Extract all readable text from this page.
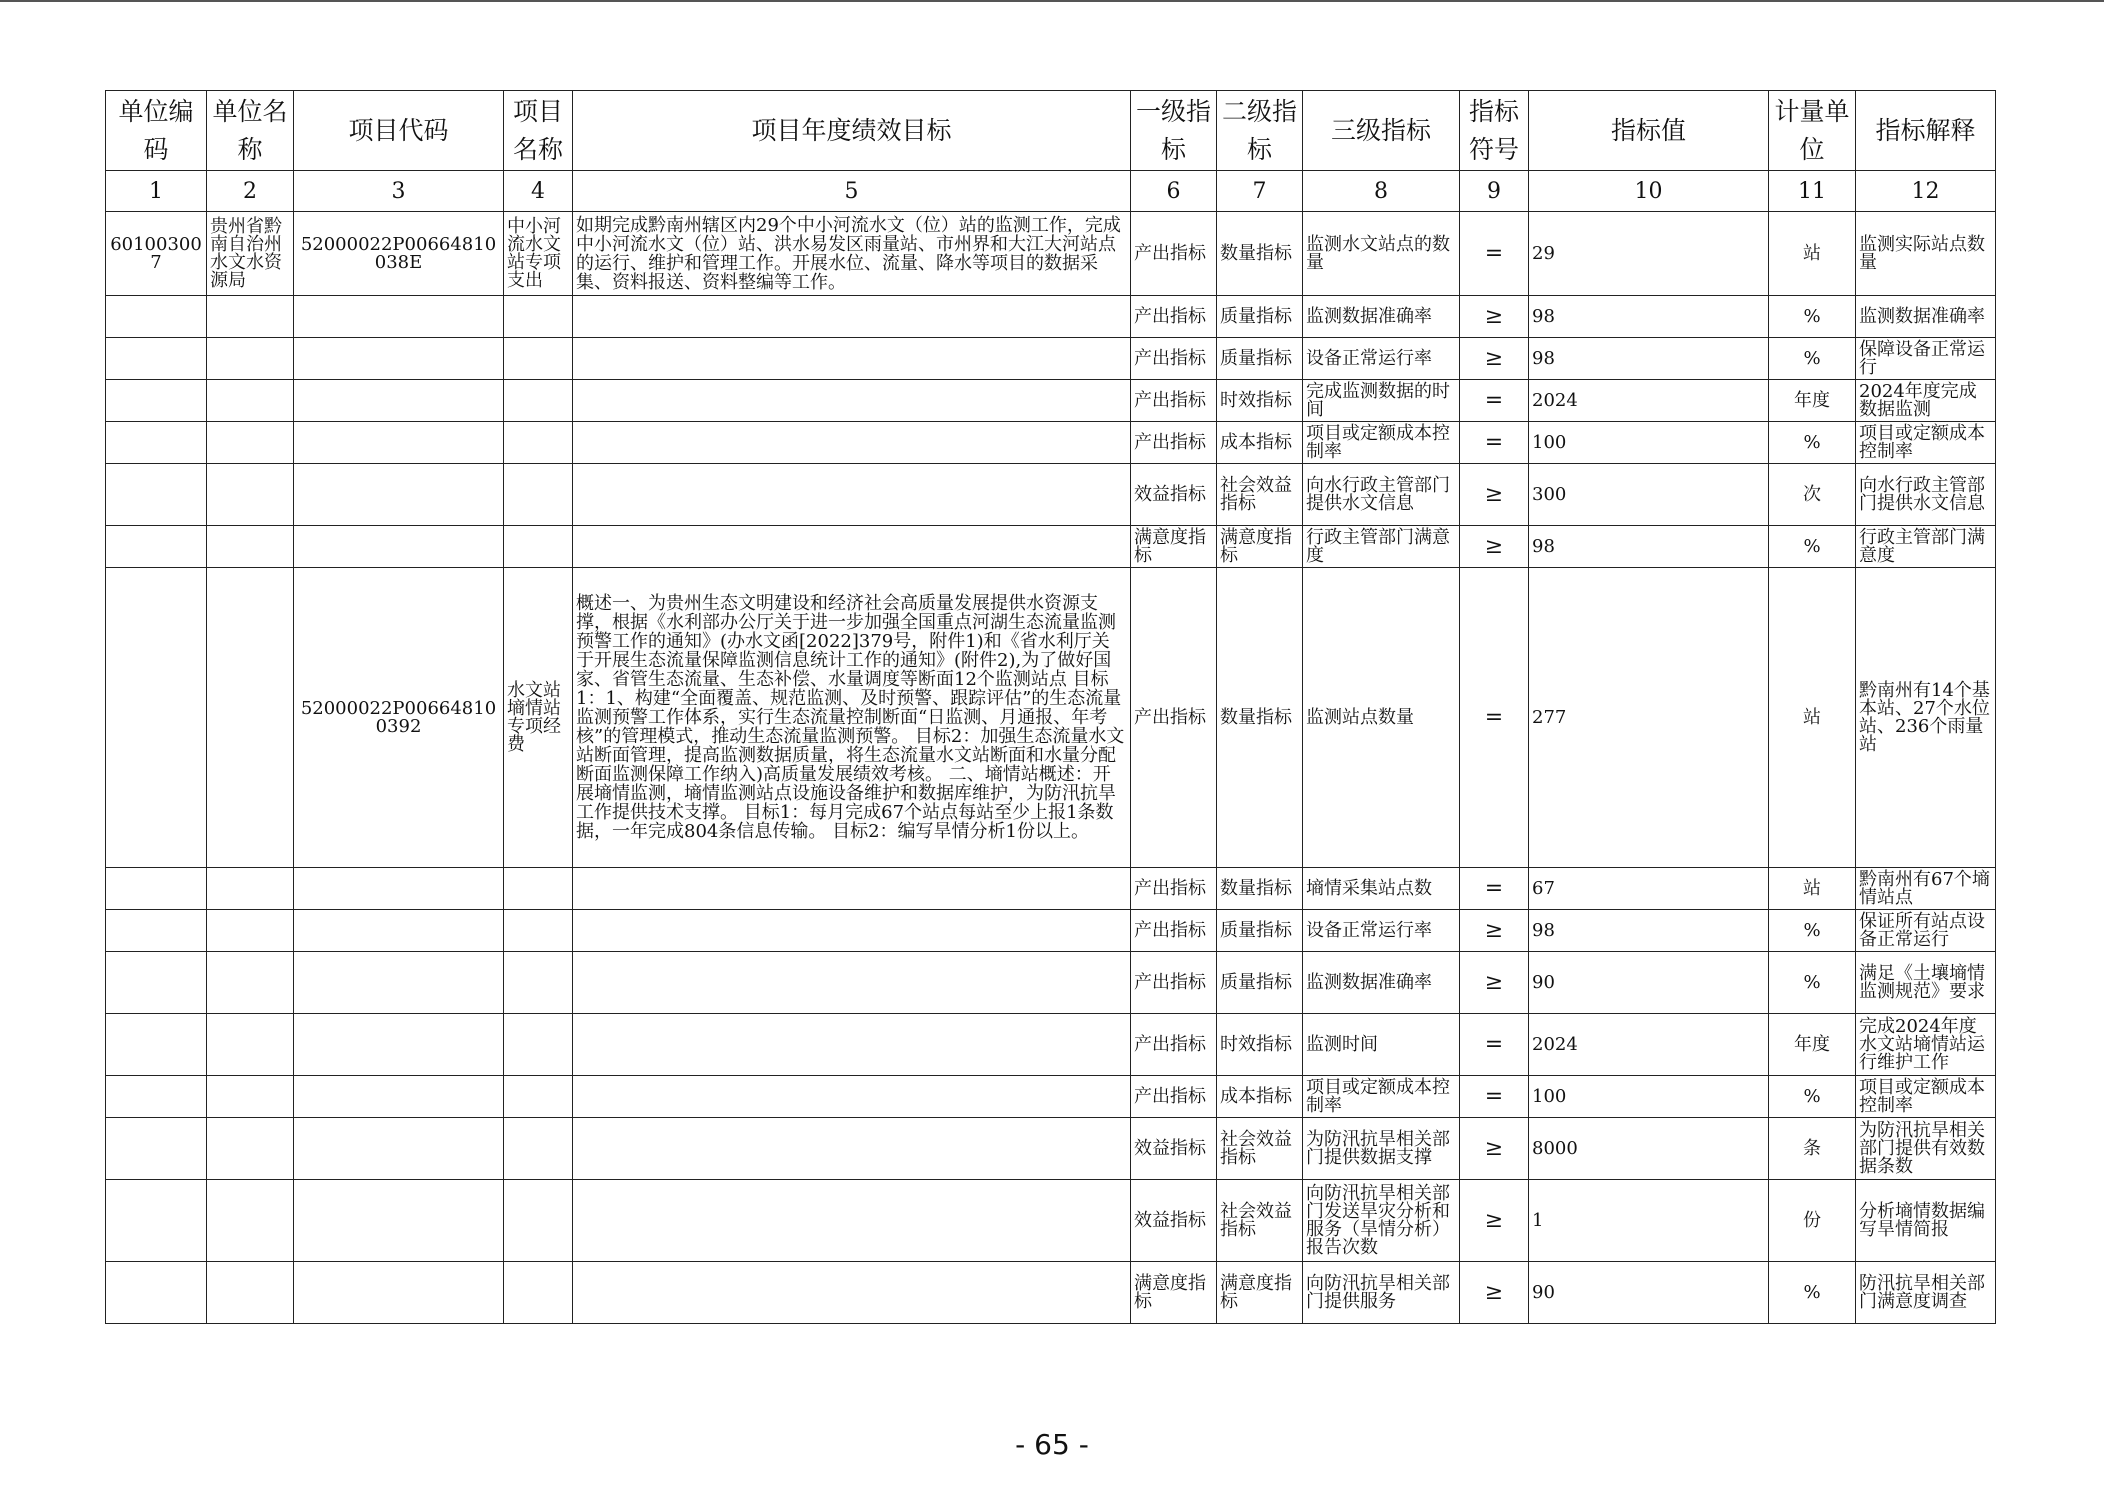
单位编码	单位名称	项目代码	项目名称	项目年度绩效目标	一级指标	二级指标	三级指标	指标符号	指标值	计量单位	指标解释
1	2	3	4	5	6	7	8	9	10	11	12
601003007	贵州省黔南自治州水文水资源局	52000022P00664810038E	中小河流水文站专项支出	如期完成黔南州辖区内29个中小河流水文（位）站的监测工作，完成中小河流水文（位）站、洪水易发区雨量站、市州界和大江大河站点的运行、维护和管理工作。开展水位、流量、降水等项目的数据采集、资料报送、资料整编等工作。	产出指标	数量指标	监测水文站点的数量	=	29	站	监测实际站点数量
					产出指标	质量指标	监测数据准确率	≥	98	%	监测数据准确率
					产出指标	质量指标	设备正常运行率	≥	98	%	保障设备正常运行
					产出指标	时效指标	完成监测数据的时间	=	2024	年度	2024年度完成数据监测
					产出指标	成本指标	项目或定额成本控制率	=	100	%	项目或定额成本控制率
					效益指标	社会效益指标	向水行政主管部门提供水文信息	≥	300	次	向水行政主管部门提供水文信息
					满意度指标	满意度指标	行政主管部门满意度	≥	98	%	行政主管部门满意度
		52000022P006648100392	水文站墒情站专项经费	概述一、为贵州生态文明建设和经济社会高质量发展提供水资源支撑，根据《水利部办公厅关于进一步加强全国重点河湖生态流量监测预警工作的通知》(办水文函[2022]379号，附件1)和《省水利厅关于开展生态流量保障监测信息统计工作的通知》(附件2),为了做好国家、省管生态流量、生态补偿、水量调度等断面12个监测站点 目标1：1、构建“全面覆盖、规范监测、及时预警、跟踪评估”的生态流量监测预警工作体系，实行生态流量控制断面“日监测、月通报、年考核”的管理模式，推动生态流量监测预警。 目标2：加强生态流量水文站断面管理，提高监测数据质量，将生态流量水文站断面和水量分配断面监测保障工作纳入)高质量发展绩效考核。 二、墒情站概述：开展墒情监测，墒情监测站点设施设备维护和数据库维护，为防汛抗旱工作提供技术支撑。 目标1：每月完成67个站点每站至少上报1条数据，一年完成804条信息传输。 目标2：编写旱情分析1份以上。	产出指标	数量指标	监测站点数量	=	277	站	黔南州有14个基本站、27个水位站、236个雨量站
					产出指标	数量指标	墒情采集站点数	=	67	站	黔南州有67个墒情站点
					产出指标	质量指标	设备正常运行率	≥	98	%	保证所有站点设备正常运行
					产出指标	质量指标	监测数据准确率	≥	90	%	满足《土壤墒情监测规范》要求
					产出指标	时效指标	监测时间	=	2024	年度	完成2024年度水文站墒情站运行维护工作
					产出指标	成本指标	项目或定额成本控制率	=	100	%	项目或定额成本控制率
					效益指标	社会效益指标	为防汛抗旱相关部门提供数据支撑	≥	8000	条	为防汛抗旱相关部门提供有效数据条数
					效益指标	社会效益指标	向防汛抗旱相关部门发送旱灾分析和服务（旱情分析）报告次数	≥	1	份	分析墒情数据编写旱情简报
					满意度指标	满意度指标	向防汛抗旱相关部门提供服务	≥	90	%	防汛抗旱相关部门满意度调查
- 65 -
